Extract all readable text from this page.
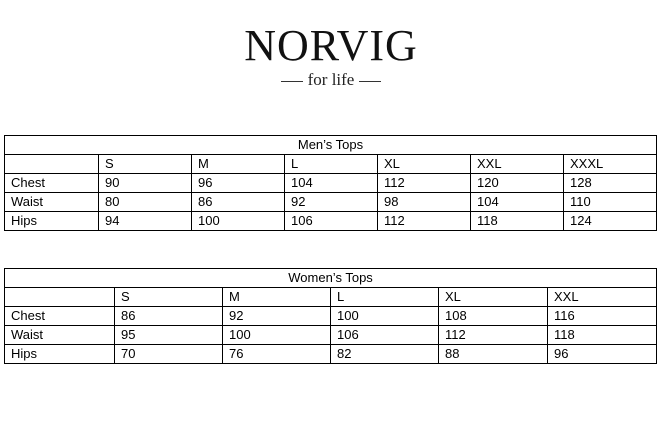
NORVIG
for life
Men’s Tops						
	S	M	L	XL	XXL	XXXL
Chest	90	96	104	112	120	128
Waist	80	86	92	98	104	110
Hips	94	100	106	112	118	124
Women’s Tops					
	S	M	L	XL	XXL
Chest	86	92	100	108	116
Waist	95	100	106	112	118
Hips	70	76	82	88	96
